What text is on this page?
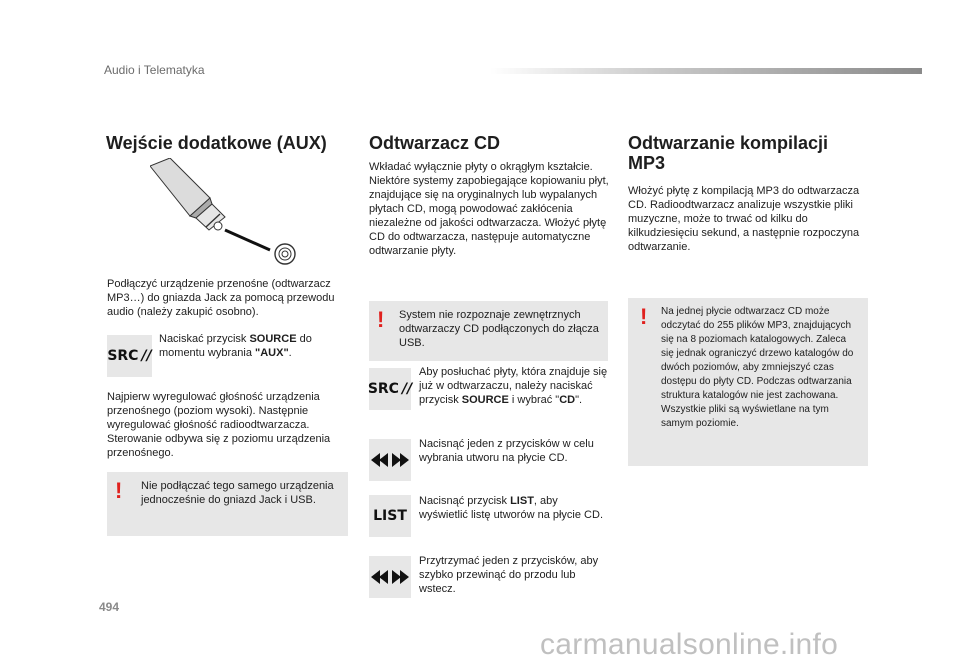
Audio i Telematyka
Wejście dodatkowe (AUX)
Podłączyć urządzenie przenośne (odtwarzacz MP3…) do gniazda Jack za pomocą przewodu audio (należy zakupić osobno).
SRC //
Naciskać przycisk SOURCE do momentu wybrania "AUX".
Najpierw wyregulować głośność urządzenia przenośnego (poziom wysoki). Następnie wyregulować głośność radioodtwarzacza. Sterowanie odbywa się z poziomu urządzenia przenośnego.
! Nie podłączać tego samego urządzenia jednocześnie do gniazd Jack i USB.
Odtwarzacz CD
Wkładać wyłącznie płyty o okrągłym kształcie. Niektóre systemy zapobiegające kopiowaniu płyt, znajdujące się na oryginalnych lub wypalanych płytach CD, mogą powodować zakłócenia niezależne od jakości odtwarzacza. Włożyć płytę CD do odtwarzacza, następuje automatyczne odtwarzanie płyty.
! System nie rozpoznaje zewnętrznych odtwarzaczy CD podłączonych do złącza USB.
SRC //
Aby posłuchać płyty, która znajduje się już w odtwarzaczu, należy naciskać przycisk SOURCE i wybrać "CD".
Nacisnąć jeden z przycisków w celu wybrania utworu na płycie CD.
LIST
Nacisnąć przycisk LIST, aby wyświetlić listę utworów na płycie CD.
Przytrzymać jeden z przycisków, aby szybko przewinąć do przodu lub wstecz.
Odtwarzanie kompilacji
MP3
Włożyć płytę z kompilacją MP3 do odtwarzacza CD. Radioodtwarzacz analizuje wszystkie pliki muzyczne, może to trwać od kilku do kilkudziesięciu sekund, a następnie rozpoczyna odtwarzanie.
! Na jednej płycie odtwarzacz CD może odczytać do 255 plików MP3, znajdujących się na 8 poziomach katalogowych. Zaleca się jednak ograniczyć drzewo katalogów do dwóch poziomów, aby zmniejszyć czas dostępu do płyty CD. Podczas odtwarzania struktura katalogów nie jest zachowana. Wszystkie pliki są wyświetlane na tym samym poziomie.
494
carmanualsonline.info
